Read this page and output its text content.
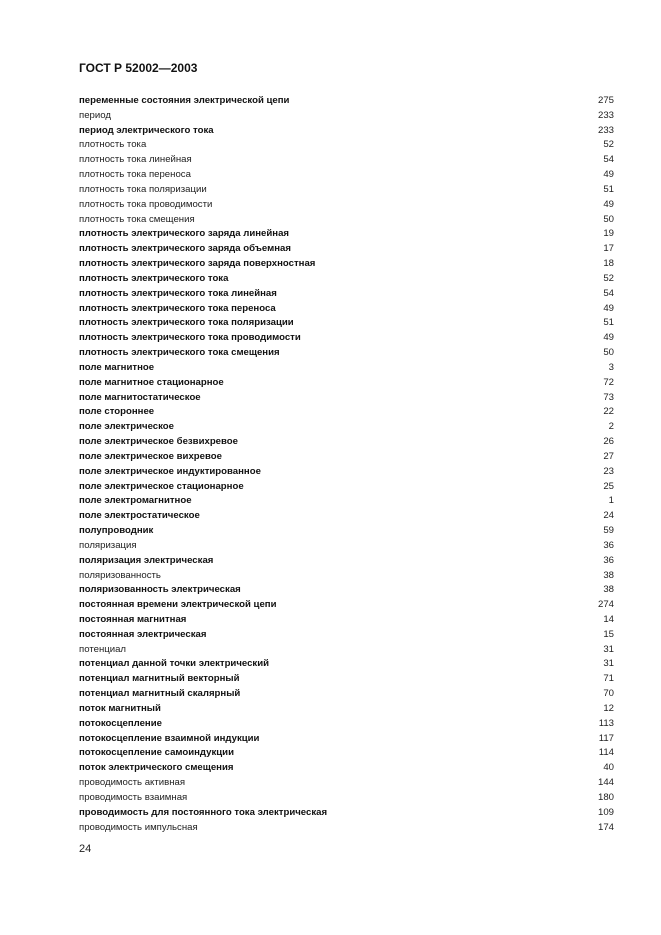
ГОСТ Р 52002—2003
переменные состояния электрической цепи	275
период	233
период электрического тока	233
плотность тока	52
плотность тока линейная	54
плотность тока переноса	49
плотность тока поляризации	51
плотность тока проводимости	49
плотность тока смещения	50
плотность электрического заряда линейная	19
плотность электрического заряда объемная	17
плотность электрического заряда поверхностная	18
плотность электрического тока	52
плотность электрического тока линейная	54
плотность электрического тока переноса	49
плотность электрического тока поляризации	51
плотность электрического тока проводимости	49
плотность электрического тока смещения	50
поле магнитное	3
поле магнитное стационарное	72
поле магнитостатическое	73
поле стороннее	22
поле электрическое	2
поле электрическое безвихревое	26
поле электрическое вихревое	27
поле электрическое индуктированное	23
поле электрическое стационарное	25
поле электромагнитное	1
поле электростатическое	24
полупроводник	59
поляризация	36
поляризация электрическая	36
поляризованность	38
поляризованность электрическая	38
постоянная времени электрической цепи	274
постоянная магнитная	14
постоянная электрическая	15
потенциал	31
потенциал данной точки электрический	31
потенциал магнитный векторный	71
потенциал магнитный скалярный	70
поток магнитный	12
потокосцепление	113
потокосцепление взаимной индукции	117
потокосцепление самоиндукции	114
поток электрического смещения	40
проводимость активная	144
проводимость взаимная	180
проводимость для постоянного тока электрическая	109
проводимость импульсная	174
24
